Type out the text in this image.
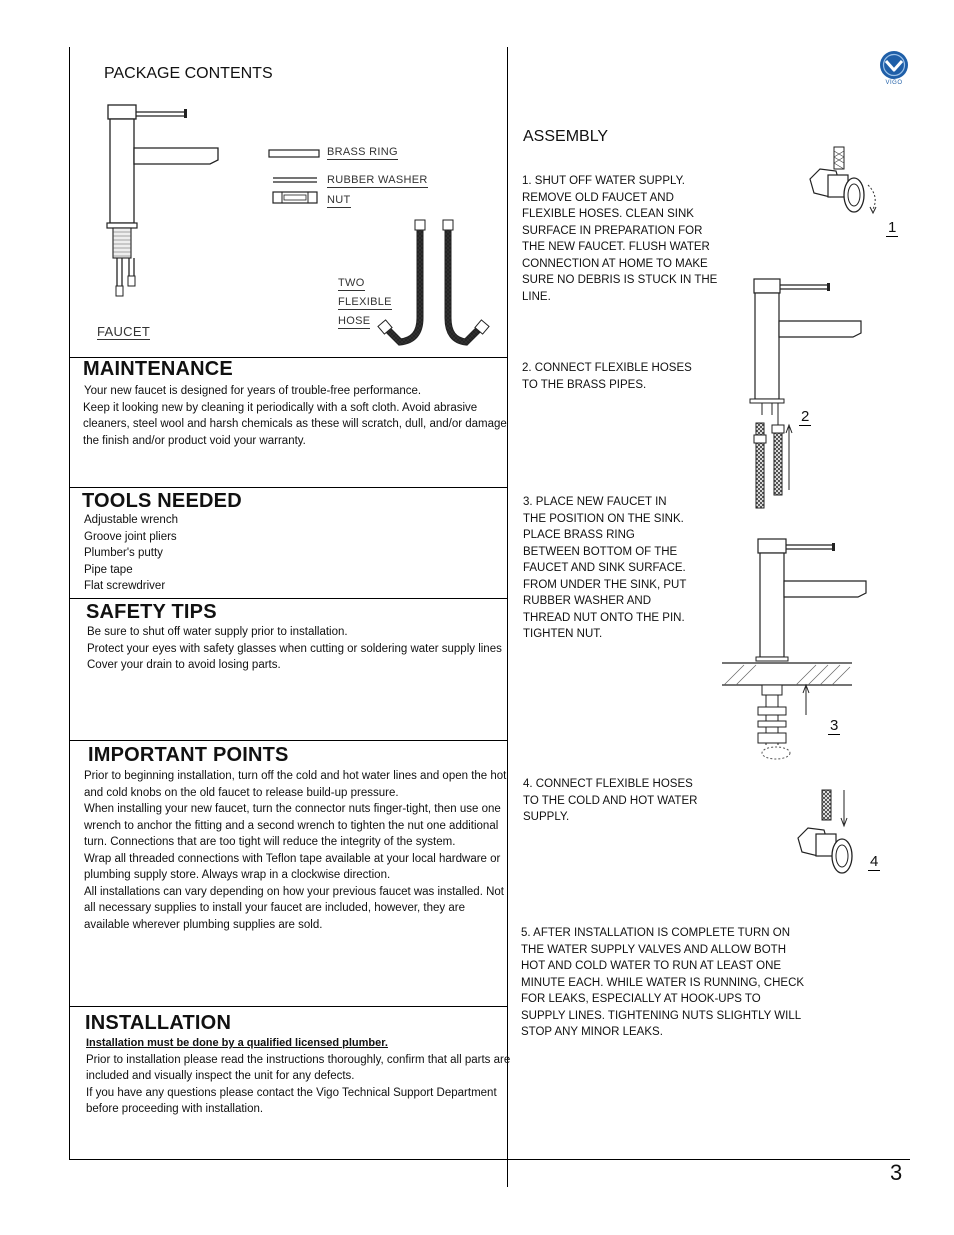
VIGO
PACKAGE CONTENTS
FAUCET
BRASS RING
RUBBER WASHER
NUT
TWO
FLEXIBLE
HOSE
MAINTENANCE
Your new faucet is designed for years of trouble-free performance.
Keep it looking new by cleaning it periodically with a soft cloth. Avoid abrasive
cleaners, steel wool and harsh chemicals as these will scratch, dull, and/or damage
the finish and/or product void your warranty.
TOOLS NEEDED
Adjustable wrench
Groove joint pliers
Plumber's putty
Pipe tape
Flat screwdriver
SAFETY TIPS
Be sure to shut off water supply prior to installation.
Protect your eyes with safety glasses when cutting or soldering water supply lines
Cover your drain to avoid losing parts.
IMPORTANT POINTS
Prior to beginning installation, turn off the cold and hot water lines and open the hot
and cold knobs on the old faucet to release build-up pressure.
When installing your new faucet, turn the connector nuts finger-tight, then use one
wrench to anchor the fitting and a second wrench to tighten the nut one additional
turn. Connections that are too tight will reduce the integrity of the system.
Wrap all threaded connections with Teflon tape available at your local hardware or
plumbing supply store. Always wrap in a clockwise direction.
All installations can vary depending on how your previous faucet was installed. Not
all necessary supplies to install your faucet are included, however, they are
available wherever plumbing supplies are sold.
INSTALLATION
Installation must be done by a qualified licensed plumber.
Prior to installation please read the instructions thoroughly, confirm that all parts are
included and visually inspect the unit for any defects.
If you have any questions please contact the Vigo Technical Support Department
before proceeding with installation.
ASSEMBLY
1. SHUT OFF WATER SUPPLY.
REMOVE OLD FAUCET AND
FLEXIBLE HOSES. CLEAN SINK
SURFACE IN PREPARATION FOR
THE NEW FAUCET. FLUSH WATER
CONNECTION AT HOME TO MAKE
SURE NO DEBRIS IS STUCK IN THE
LINE.
1
2. CONNECT FLEXIBLE HOSES
TO THE BRASS PIPES.
2
3. PLACE NEW FAUCET IN
THE POSITION ON THE SINK.
PLACE BRASS RING
BETWEEN BOTTOM OF THE
FAUCET AND SINK SURFACE.
FROM UNDER THE SINK, PUT
RUBBER WASHER AND
THREAD NUT ONTO THE PIN.
TIGHTEN NUT.
3
4. CONNECT FLEXIBLE HOSES
TO THE COLD AND HOT WATER
SUPPLY.
4
5. AFTER INSTALLATION IS COMPLETE TURN ON
THE WATER SUPPLY VALVES AND ALLOW BOTH
HOT AND COLD WATER TO RUN AT LEAST ONE
MINUTE EACH. WHILE WATER IS RUNNING, CHECK
FOR LEAKS, ESPECIALLY AT HOOK-UPS TO
SUPPLY LINES. TIGHTENING NUTS SLIGHTLY WILL
STOP ANY MINOR LEAKS.
3
